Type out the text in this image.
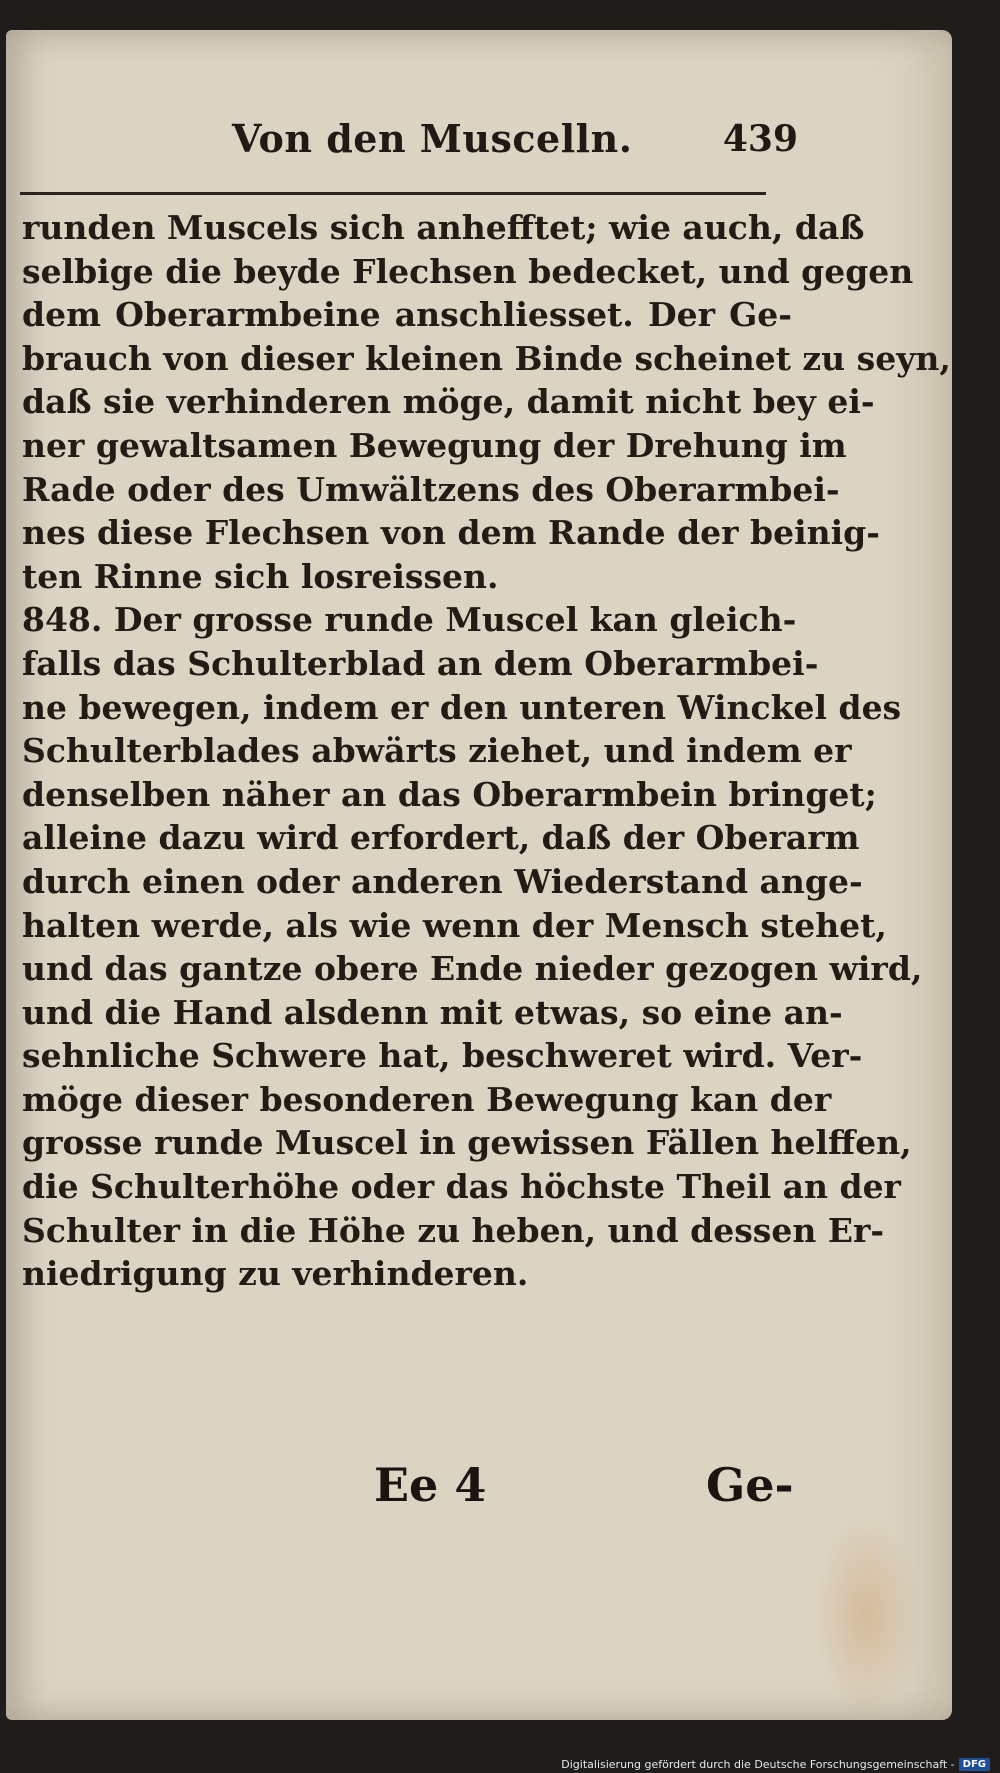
Von den Muscelln.	439
runden Muscels sich anhefftet; wie auch, daß
selbige die beyde Flechsen bedecket, und gegen
dem Oberarmbeine anschliesset. Der Ge-
brauch von dieser kleinen Binde scheinet zu seyn,
daß sie verhinderen möge, damit nicht bey ei-
ner gewaltsamen Bewegung der Drehung im
Rade oder des Umwältzens des Oberarmbei-
nes diese Flechsen von dem Rande der beinig-
ten Rinne sich losreissen.
848. Der grosse runde Muscel kan gleich-
falls das Schulterblad an dem Oberarmbei-
ne bewegen, indem er den unteren Winckel des
Schulterblades abwärts ziehet, und indem er
denselben näher an das Oberarmbein bringet;
alleine dazu wird erfordert, daß der Oberarm
durch einen oder anderen Wiederstand ange-
halten werde, als wie wenn der Mensch stehet,
und das gantze obere Ende nieder gezogen wird,
und die Hand alsdenn mit etwas, so eine an-
sehnliche Schwere hat, beschweret wird. Ver-
möge dieser besonderen Bewegung kan der
grosse runde Muscel in gewissen Fällen helffen,
die Schulterhöhe oder das höchste Theil an der
Schulter in die Höhe zu heben, und dessen Er-
niedrigung zu verhinderen.
Ee 4	Ge-
Digitalisierung gefördert durch die Deutsche Forschungsgemeinschaft - DFG
